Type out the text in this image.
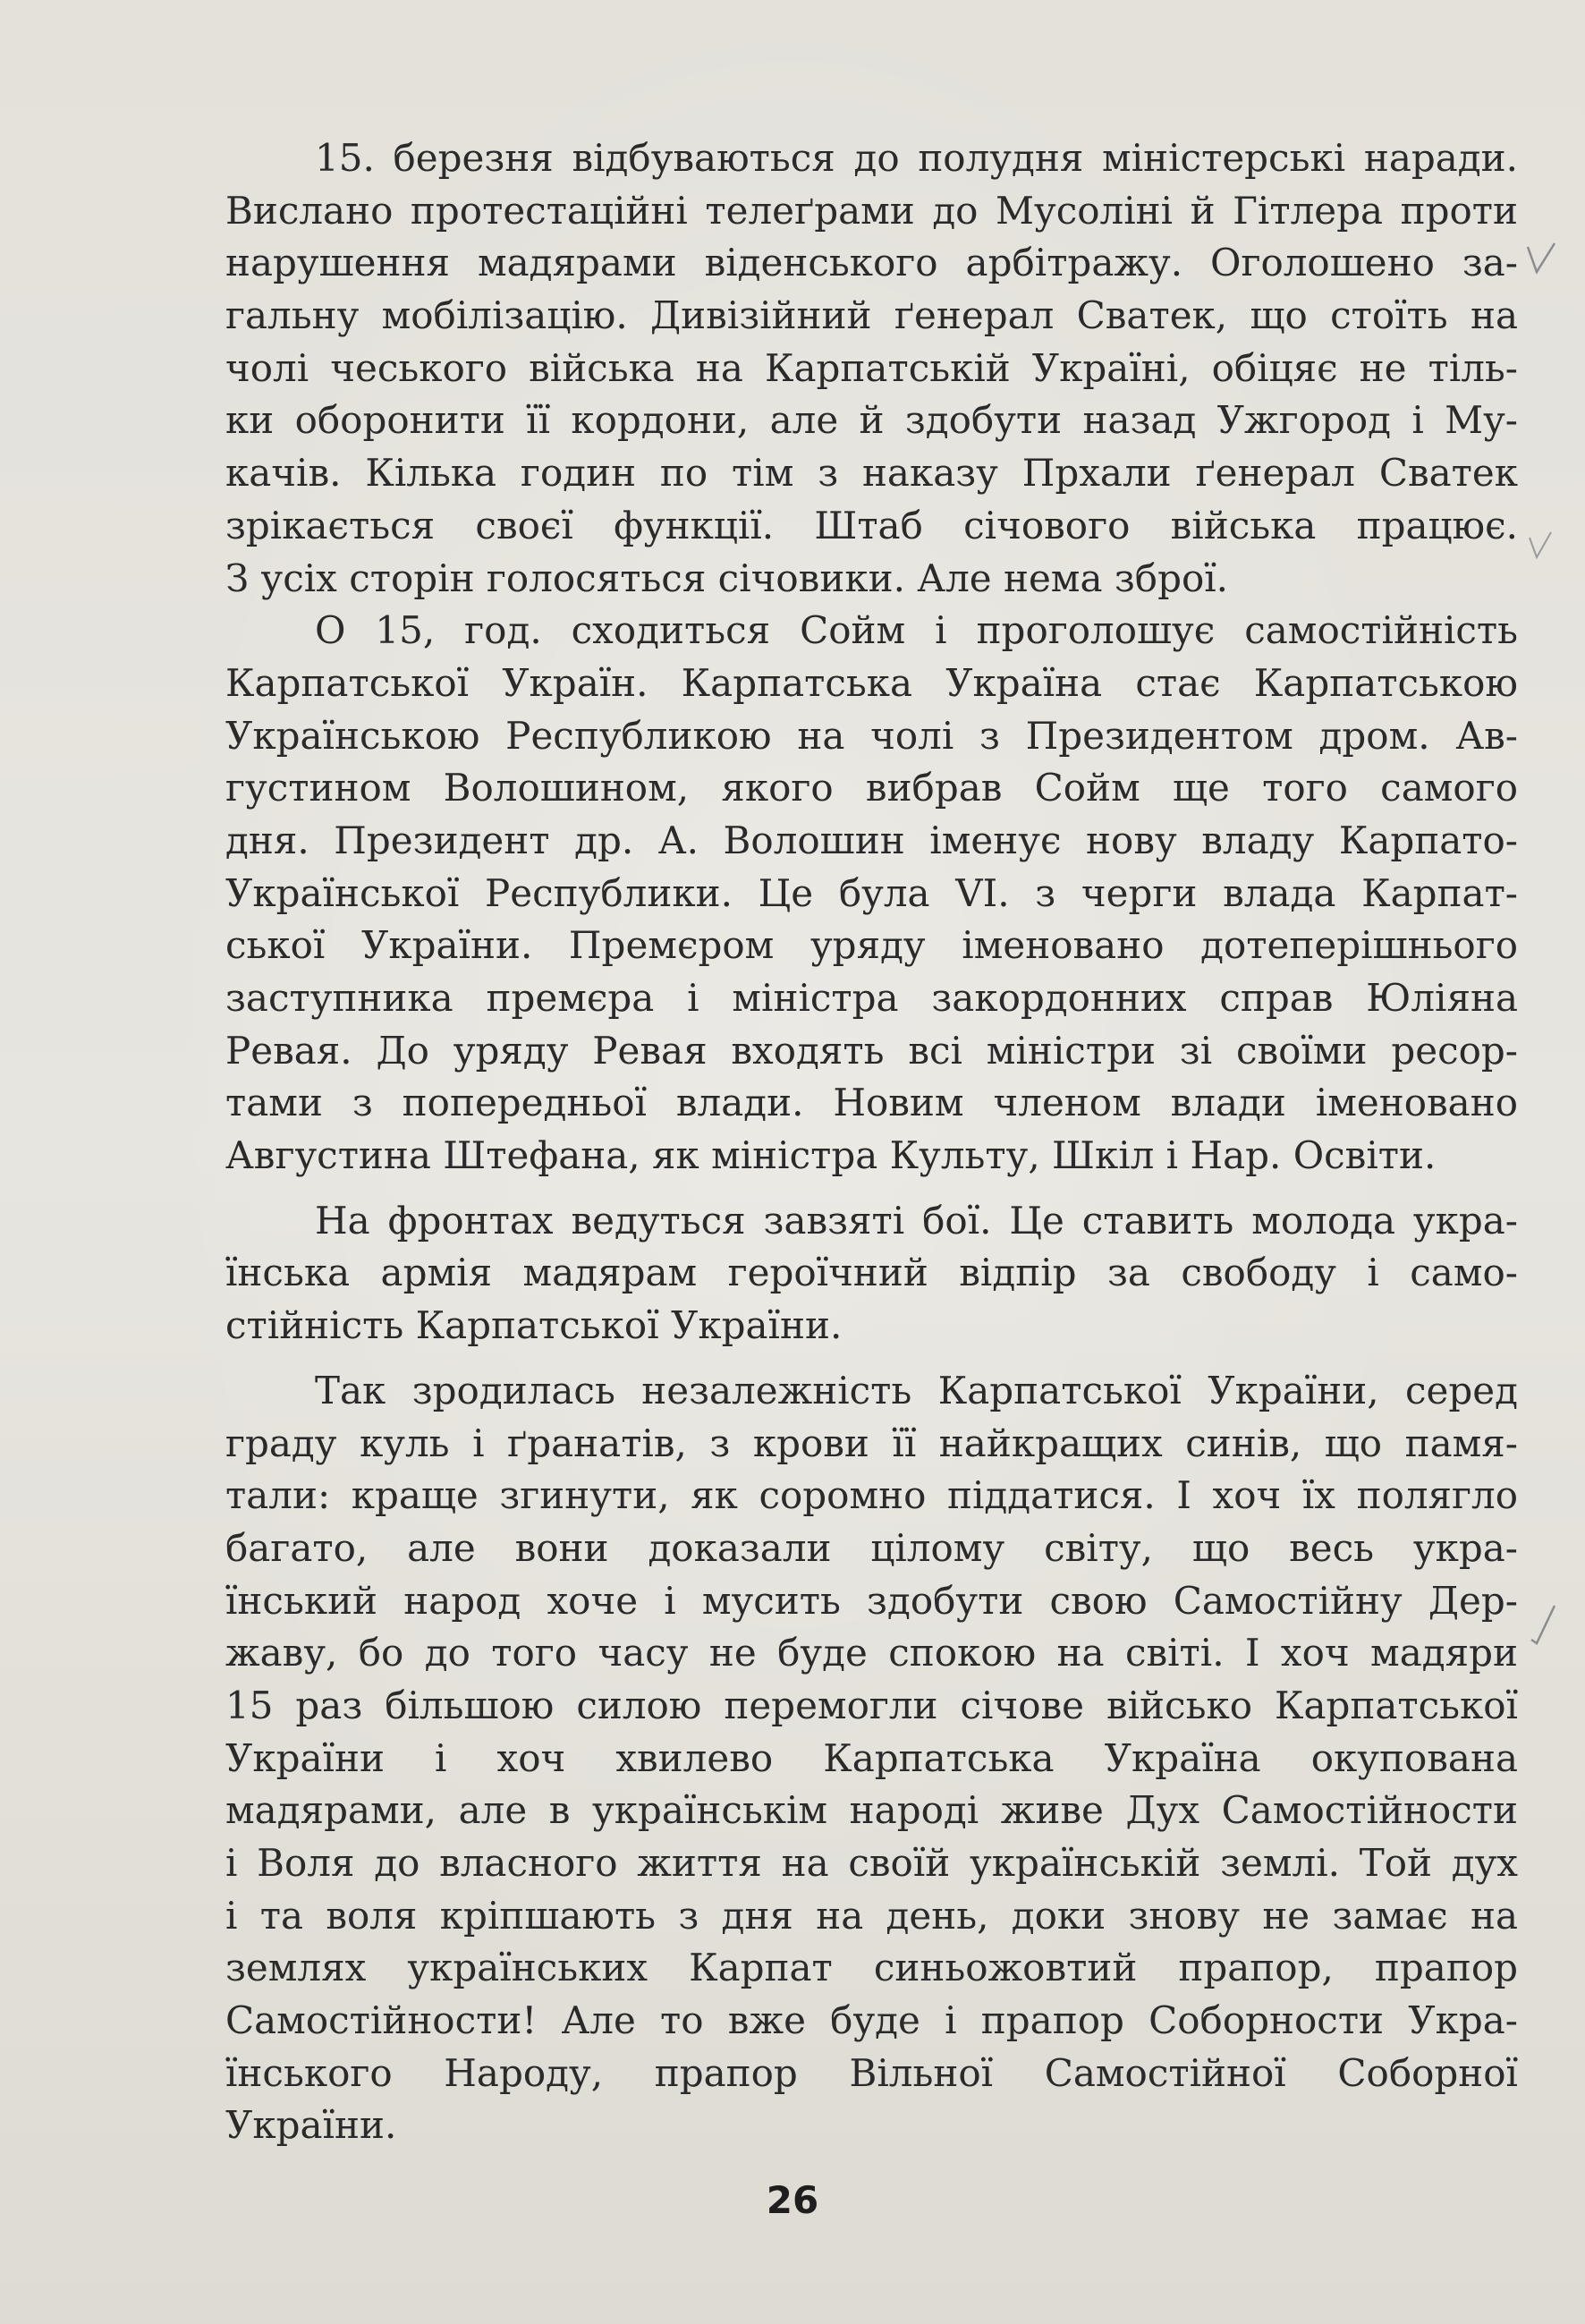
15. березня відбуваються до полудня міністерські наради.
Вислано протестаційні телеґрами до Мусоліні й Гітлера проти
нарушення мадярами віденського арбітражу. Оголошено за-
гальну мобілізацію. Дивізійний ґенерал Сватек, що стоїть на
чолі чеського війська на Карпатській Україні, обіцяє не тіль-
ки оборонити її кордони, але й здобути назад Ужгород і Му-
качів. Кілька годин по тім з наказу Прхали ґенерал Сватек
зрікається своєї функції. Штаб січового війська працює.
З усіх сторін голосяться січовики. Але нема зброї.
О 15, год. сходиться Сойм і проголошує самостійність
Карпатської Україн. Карпатська Україна стає Карпатською
Українською Республикою на чолі з Президентом дром. Ав-
густином Волошином, якого вибрав Сойм ще того самого
дня. Президент др. А. Волошин іменує нову владу Карпато-
Української Республики. Це була VI. з черги влада Карпат-
ської України. Премєром уряду іменовано дотеперішнього
заступника премєра і міністра закордонних справ Юліяна
Ревая. До уряду Ревая входять всі міністри зі своїми ресор-
тами з попередньої влади. Новим членом влади іменовано
Августина Штефана, як міністра Культу, Шкіл і Нар. Освіти.
На фронтах ведуться завзяті бої. Це ставить молода укра-
їнська армія мадярам героїчний відпір за свободу і само-
стійність Карпатської України.
Так зродилась незалежність Карпатської України, серед
граду куль і ґранатів, з крови її найкращих синів, що памя-
тали: краще згинути, як соромно піддатися. І хоч їх полягло
багато, але вони доказали цілому світу, що весь укра-
їнський народ хоче і мусить здобути свою Самостійну Дер-
жаву, бо до того часу не буде спокою на світі. І хоч мадяри
15 раз більшою силою перемогли січове військо Карпатської
України і хоч хвилево Карпатська Україна окупована
мадярами, але в українськім народі живе Дух Самостійности
і Воля до власного життя на своїй українській землі. Той дух
і та воля кріпшають з дня на день, доки знову не замає на
землях українських Карпат синьожовтий прапор, прапор
Самостійности! Але то вже буде і прапор Соборности Укра-
їнського Народу, прапор Вільної Самостійної Соборної
України.
26
